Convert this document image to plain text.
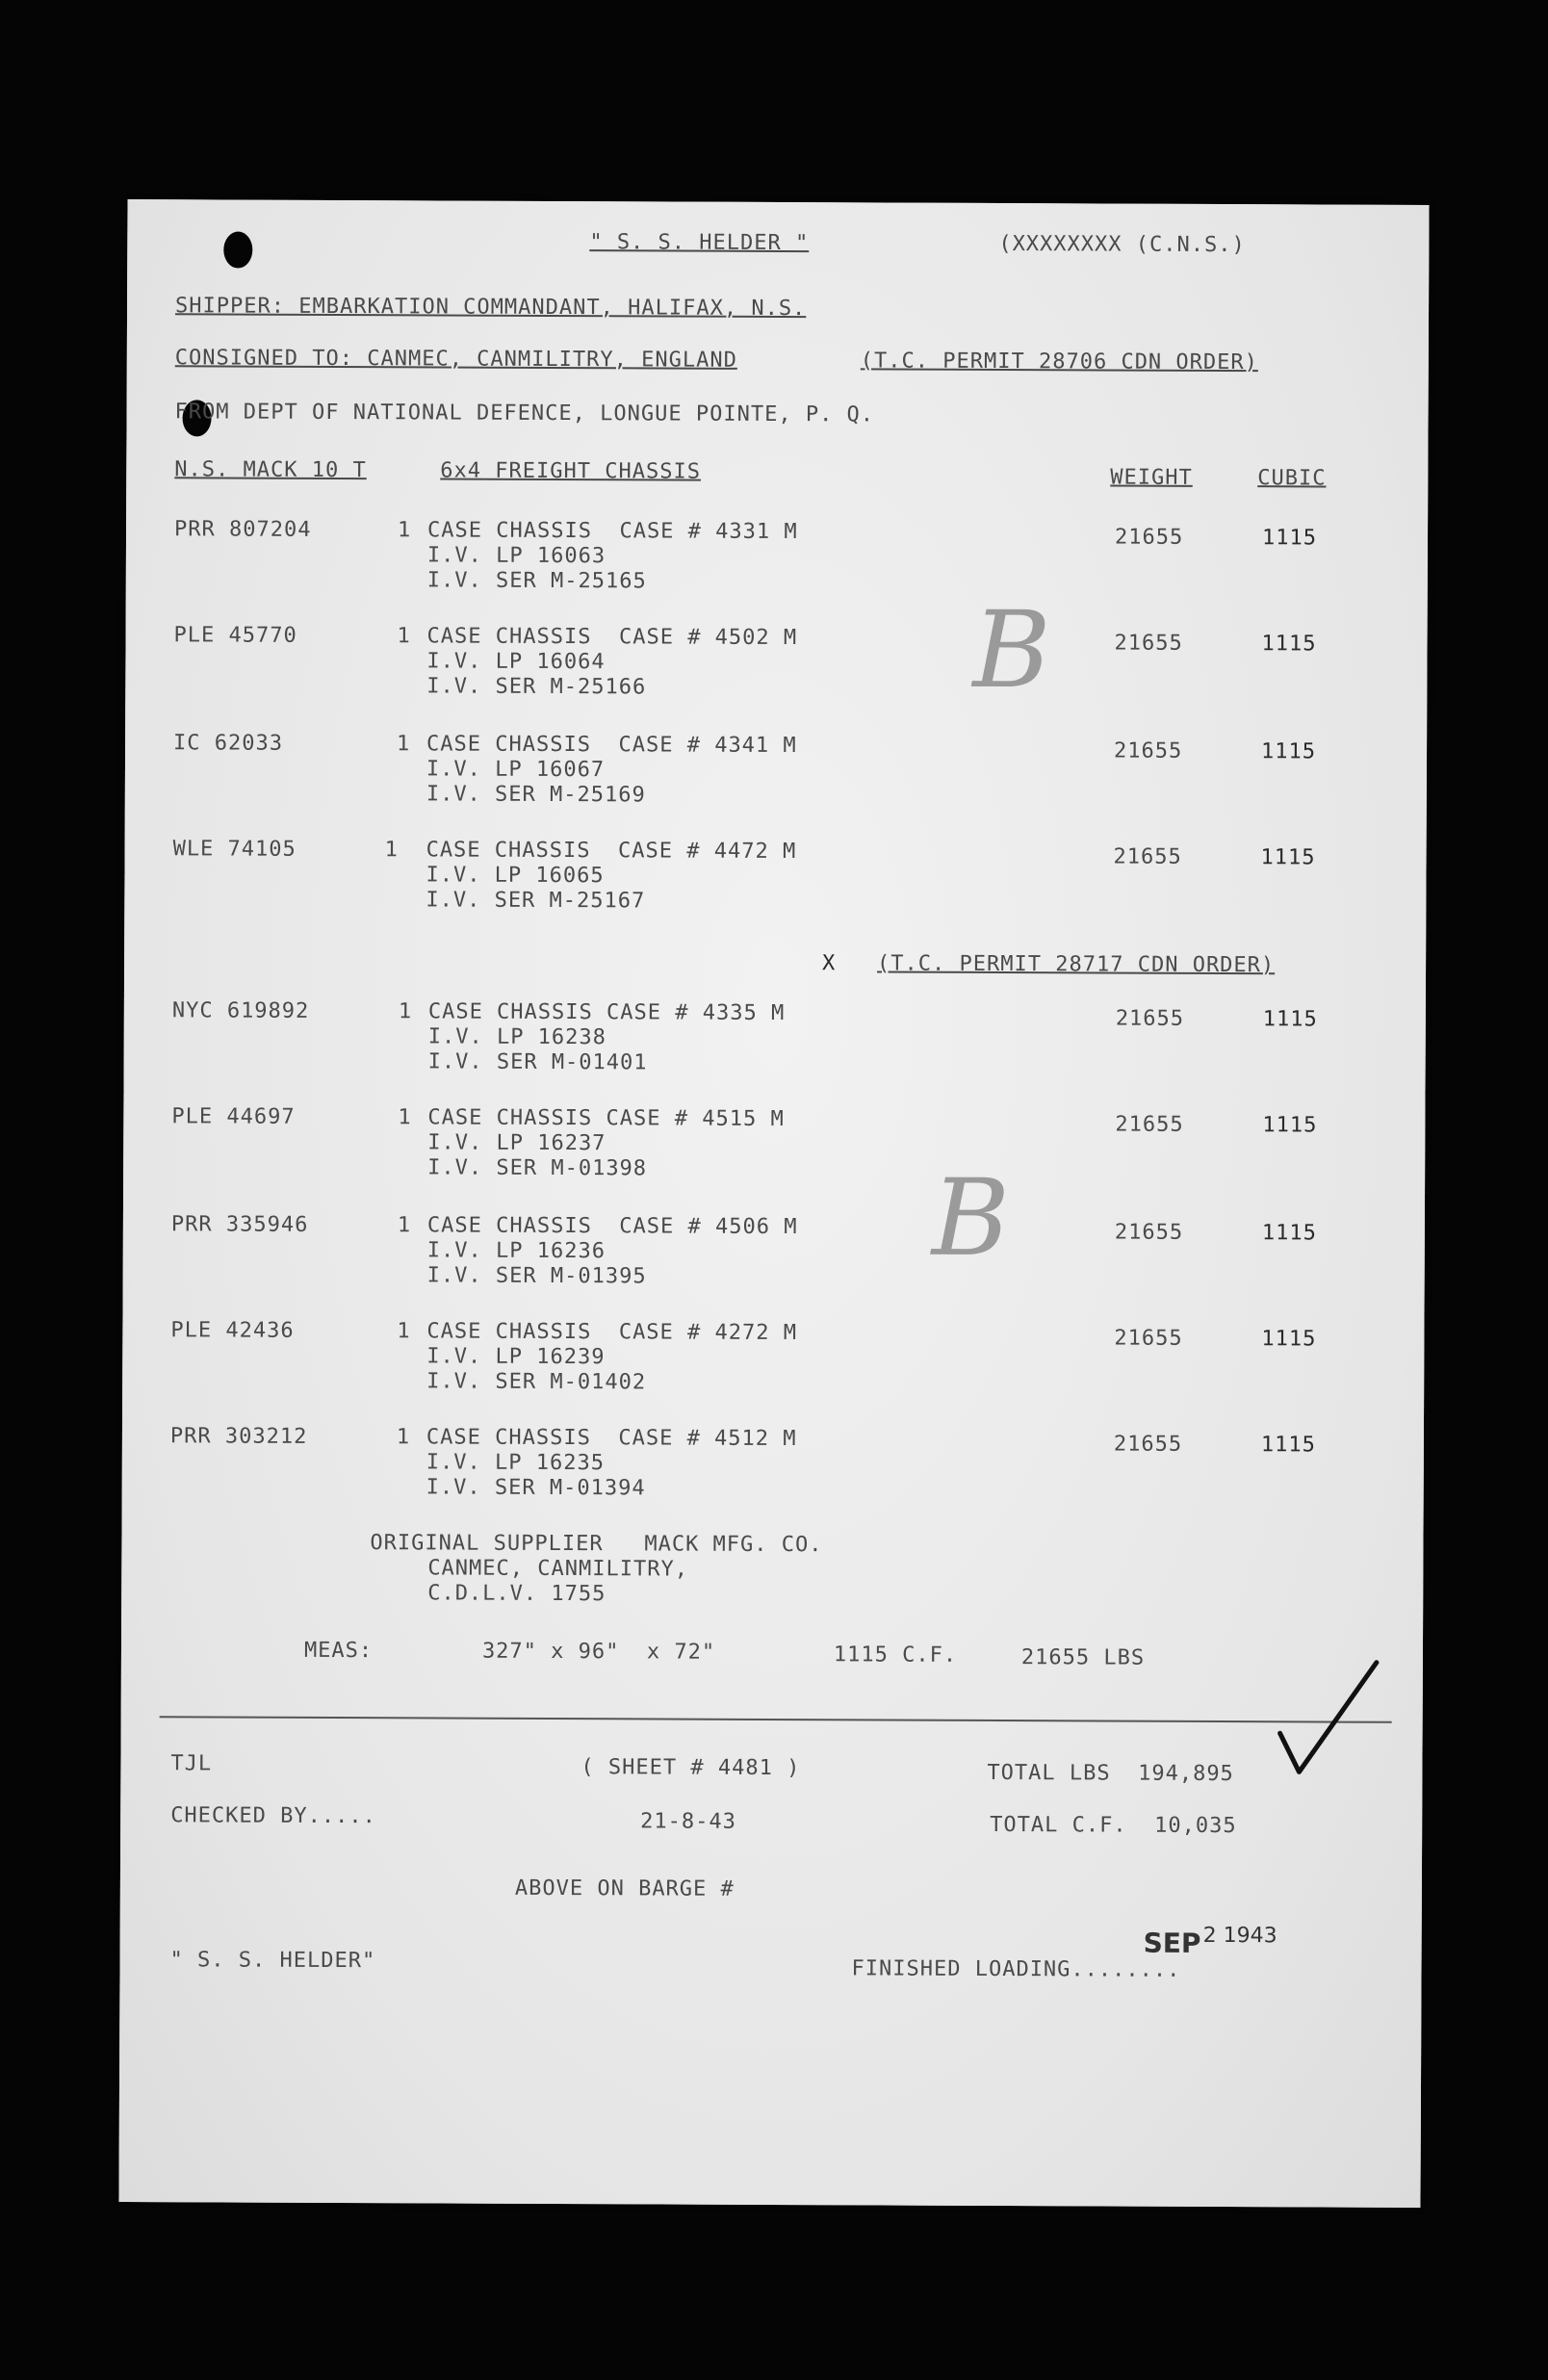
" S. S. HELDER "	(XXXXXXXX (C.N.S.)
SHIPPER: EMBARKATION COMMANDANT, HALIFAX, N.S.
CONSIGNED TO: CANMEC, CANMILITRY, ENGLAND	(T.C. PERMIT 28706 CDN ORDER)
FROM DEPT OF NATIONAL DEFENCE, LONGUE POINTE, P. Q.
N.S. MACK 10 T	6x4 FREIGHT CHASSIS	WEIGHT	CUBIC
PRR 807204	1 CASE CHASSIS  CASE # 4331 M
I.V. LP 16063
I.V. SER M-25165
21655	1115
PLE 45770	1 CASE CHASSIS  CASE # 4502 M
I.V. LP 16064
I.V. SER M-25166
21655	1115
IC 62033	1 CASE CHASSIS  CASE # 4341 M
I.V. LP 16067
I.V. SER M-25169
21655	1115
WLE 74105	1 CASE CHASSIS  CASE # 4472 M
I.V. LP 16065
I.V. SER M-25167
21655	1115
X (T.C. PERMIT 28717 CDN ORDER)
NYC 619892	1 CASE CHASSIS CASE # 4335 M
I.V. LP 16238
I.V. SER M-01401
21655	1115
PLE 44697	1 CASE CHASSIS CASE # 4515 M
I.V. LP 16237
I.V. SER M-01398
21655	1115
PRR 335946	1 CASE CHASSIS  CASE # 4506 M
I.V. LP 16236
I.V. SER M-01395
21655	1115
PLE 42436	1 CASE CHASSIS  CASE # 4272 M
I.V. LP 16239
I.V. SER M-01402
21655	1115
PRR 303212	1 CASE CHASSIS  CASE # 4512 M
I.V. LP 16235
I.V. SER M-01394
21655	1115
ORIGINAL SUPPLIER   MACK MFG. CO.
CANMEC, CANMILITRY,
C.D.L.V. 1755
MEAS:	327" x 96"  x 72"	1115 C.F.	21655 LBS
TJL	( SHEET # 4481 )	TOTAL LBS  194,895
CHECKED BY.....	21-8-43	TOTAL C.F.  10,035
ABOVE ON BARGE #
" S. S. HELDER"	FINISHED LOADING........
SEP 2 1943
B
B
